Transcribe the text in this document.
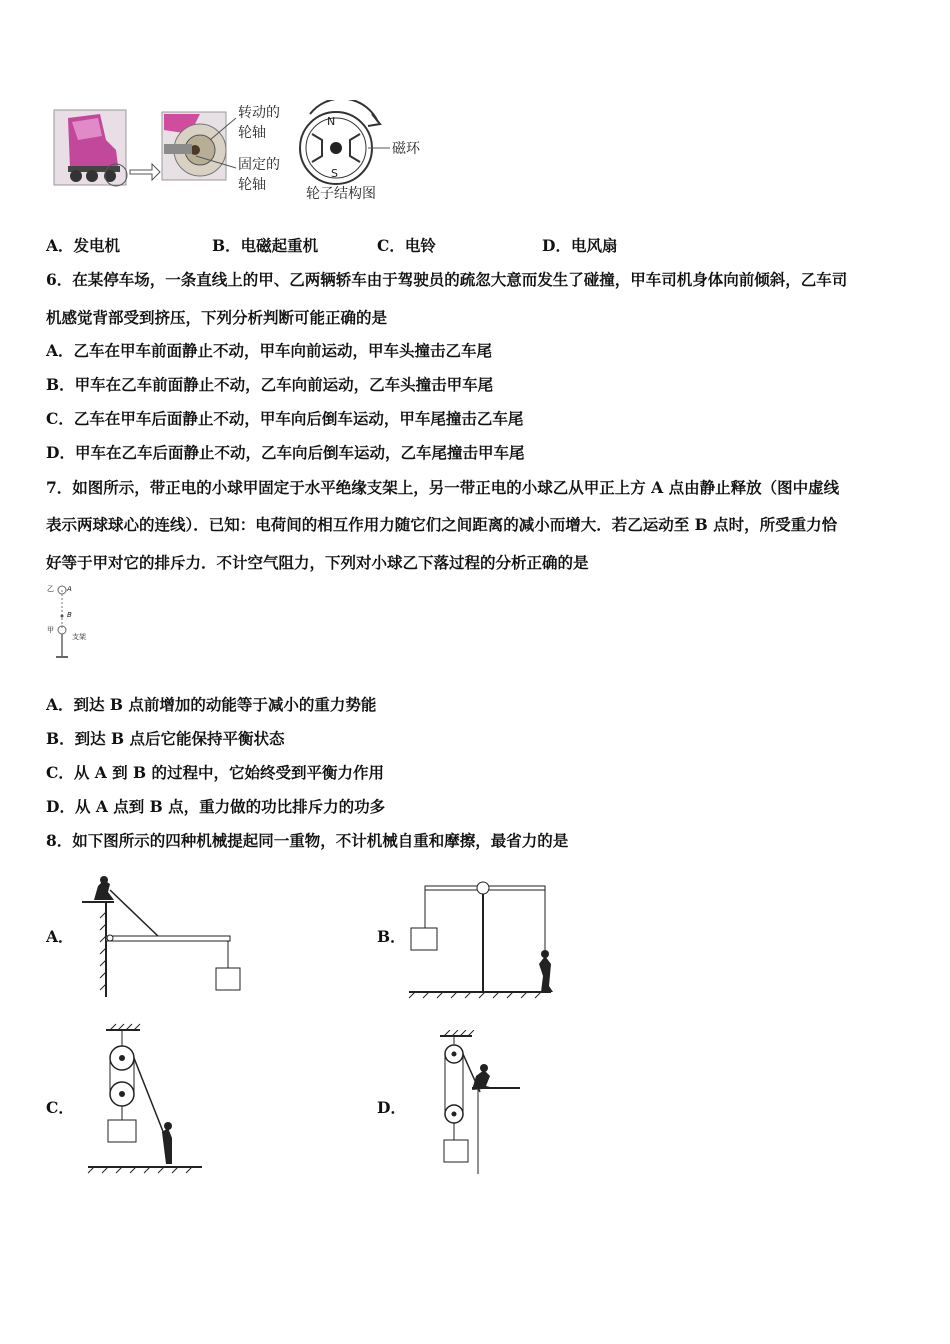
转动的
轮轴
固定的
轮轴
磁环
轮子结构图
N
S
A．发电机	B．电磁起重机	C．电铃	D．电风扇
6．在某停车场，一条直线上的甲、乙两辆轿车由于驾驶员的疏忽大意而发生了碰撞，甲车司机身体向前倾斜，乙车司
机感觉背部受到挤压，下列分析判断可能正确的是
A．乙车在甲车前面静止不动，甲车向前运动，甲车头撞击乙车尾
B．甲车在乙车前面静止不动，乙车向前运动，乙车头撞击甲车尾
C．乙车在甲车后面静止不动，甲车向后倒车运动，甲车尾撞击乙车尾
D．甲车在乙车后面静止不动，乙车向后倒车运动，乙车尾撞击甲车尾
7．如图所示，带正电的小球甲固定于水平绝缘支架上，另一带正电的小球乙从甲正上方 A 点由静止释放（图中虚线
表示两球球心的连线）．已知：电荷间的相互作用力随它们之间距离的减小而增大．若乙运动至 B 点时，所受重力恰
好等于甲对它的排斥力．不计空气阻力，下列对小球乙下落过程的分析正确的是
乙 A
B
甲
支架
A．到达 B 点前增加的动能等于减小的重力势能
B．到达 B 点后它能保持平衡状态
C．从 A 到 B 的过程中，它始终受到平衡力作用
D．从 A 点到 B 点，重力做的功比排斥力的功多
8．如下图所示的四种机械提起同一重物，不计机械自重和摩擦，最省力的是
A．	B．
C．	D．
